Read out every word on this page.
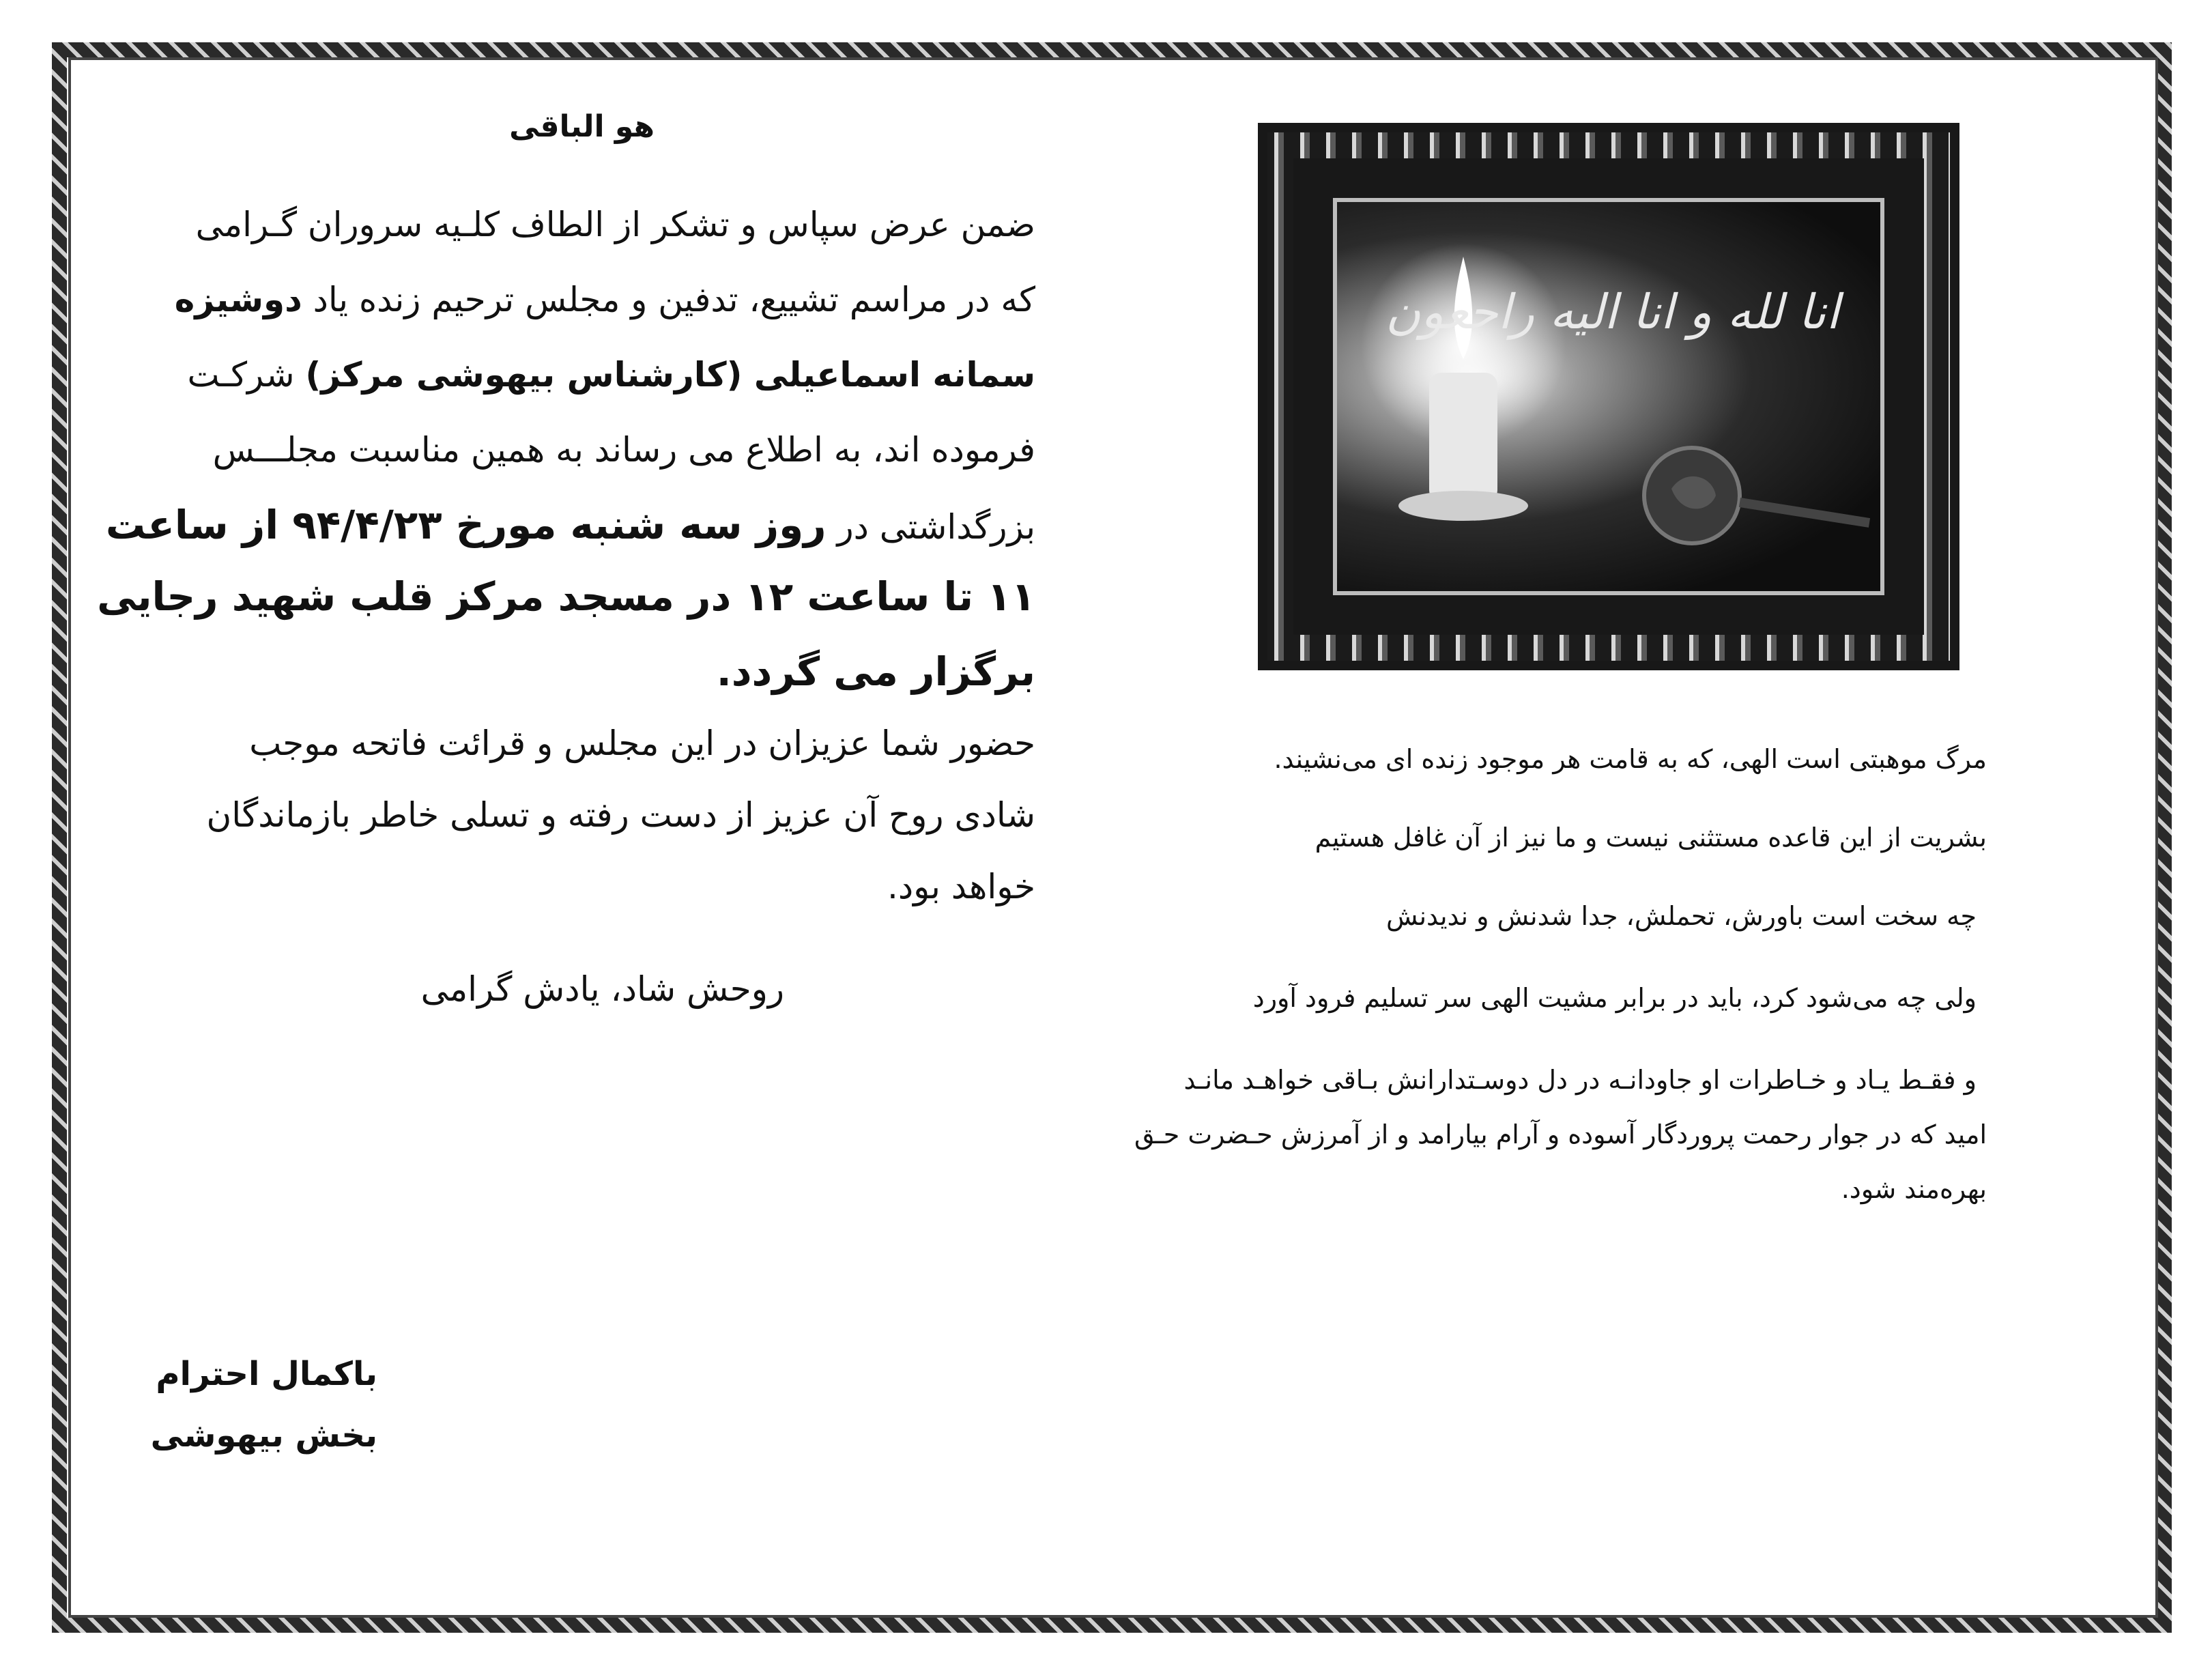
هو الباقی
ضمن عرض سپاس و تشکر از الطاف کلـیه سروران گـرامی
که در مراسم تشییع، تدفین و مجلس ترحیم زنده یاد دوشیزه
سمانه اسماعیلی (کارشناس بیهوشی مرکز) شرکـت
فرموده اند، به اطلاع می رساند به همین مناسبت مجلـــس
بزرگداشتی در روز سه شنبه مورخ ۹۴/۴/۲۳ از ساعت
۱۱ تا ساعت ۱۲ در مسجد مرکز قلب شهید رجایی
برگزار می گردد.
حضور شما عزیزان در این مجلس و قرائت فاتحه موجب
شادی روح آن عزیز از دست رفته و تسلی خاطر بازماندگان
خواهد بود.
روحش شاد، یادش گرامی
باکمال احترام
بخش بیهوشی
انا لله و انا الیه راجعون
مرگ موهبتی است الهی، که به قامت هر موجود زنده ای می‌نشیند.
بشریت از این قاعده مستثنی نیست و ما نیز از آن غافل هستیم
چه سخت است باورش، تحملش، جدا شدنش و ندیدنش
ولی چه می‌شود کرد، باید در برابر مشیت الهی سر تسلیم فرود آورد
و فقـط یـاد و خـاطرات او جاودانـه در دل دوسـتدارانش بـاقی خواهـد مانـد
امید که در جوار رحمت پروردگار آسوده و آرام بیارامد و از آمرزش حـضرت حـق
بهره‌مند شود.
